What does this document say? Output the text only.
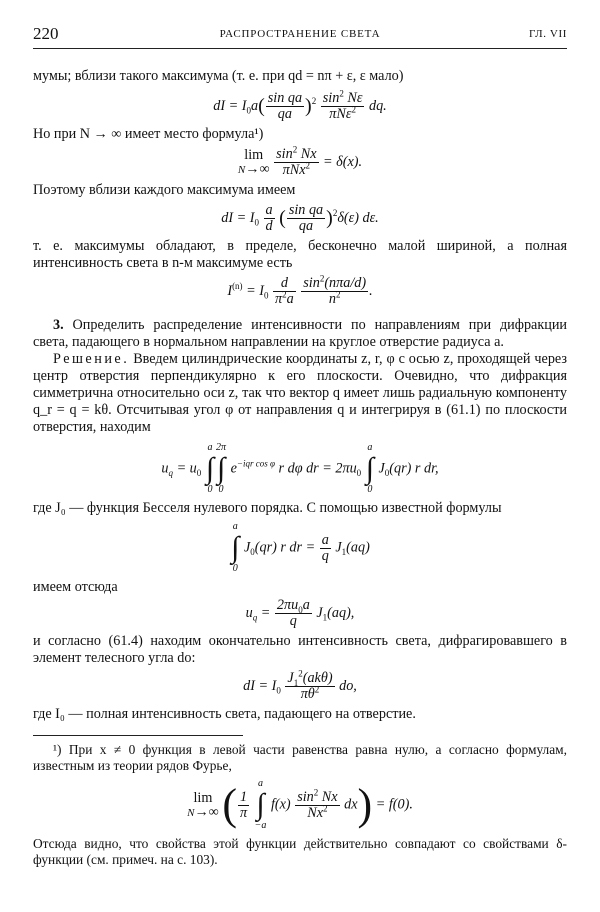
220	РАСПРОСТРАНЕНИЕ СВЕТА	ГЛ. VII

мумы; вблизи такого максимума (т. е. при qd = nπ + ε, ε мало)

dI = $I_0a( \frac{\text{sin qa}}{qa} )^2 \frac{\sin^2 N\varepsilon}{\pi N\varepsilon^2}$ dq.

Но при N → ∞ имеет место формула¹)

lim
N→∞
$\frac{\sin^2 Nx}{\pi Nx^2} = \delta(x)$.

Поэтому вблизи каждого максимума имеем

dI = $I_0 \frac{a}{d}$ ( $\frac{\text{sin qa}}{qa} )^2\delta(\varepsilon)$ dε.

т. е. максимумы обладают, в пределе, бесконечно малой шириной, а полная интенсивность света в n-м максимуме есть

$I^{(n)} = I_0 \frac{d}{\pi^2a}$
$\frac{\sin^2(n\pi a/d)}{n^2}$ .

3. Определить распределение интенсивности по направлениям при дифракции света, падающего в нормальном направлении на круглое отверстие радиуса a.

Решение. Введем цилиндрические координаты z, r, φ с осью z, проходящей через центр отверстия перпендикулярно к его плоскости. Очевидно, что дифракция симметрична относительно оси z, так что вектор q имеет лишь радиальную компоненту q_r = q = kθ. Отсчитывая угол φ от направления q и интегрируя в (61.1) по плоскости отверстия, находим

$u_q = u_0$
a
∫
0
2π
∫
0
$e^{-iqr cos \varphi}$ r dφ dr = $2\pi u_0$
a
∫
0
$J_0(qr)$ r dr,

где J₀ — функция Бесселя нулевого порядка. С помощью известной формулы

a
∫
0
$J_0(qr)$ r dr = $\frac{a}{q} J_1(aq)$

имеем отсюда

$u_q = \frac{2\pi u_0a}{q} J_1(aq)$,

и согласно (61.4) находим окончательно интенсивность света, дифрагировавшего в элемент телесного угла do:

dI = $I_0 \frac{J_1^2(ak\theta)}{\pi\theta^2}$ do,

где I₀ — полная интенсивность света, падающего на отверстие.

¹) При x ≠ 0 функция в левой части равенства равна нулю, а согласно формулам, известным из теории рядов Фурье,

lim
N→∞ ( $\frac{1}{\pi}$

a
∫
−a
$f(x) \frac{\sin^2 Nx}{Nx^2} dx) = f(0)$.

Отсюда видно, что свойства этой функции действительно совпадают со свойствами δ-функции (см. примеч. на с. 103).
